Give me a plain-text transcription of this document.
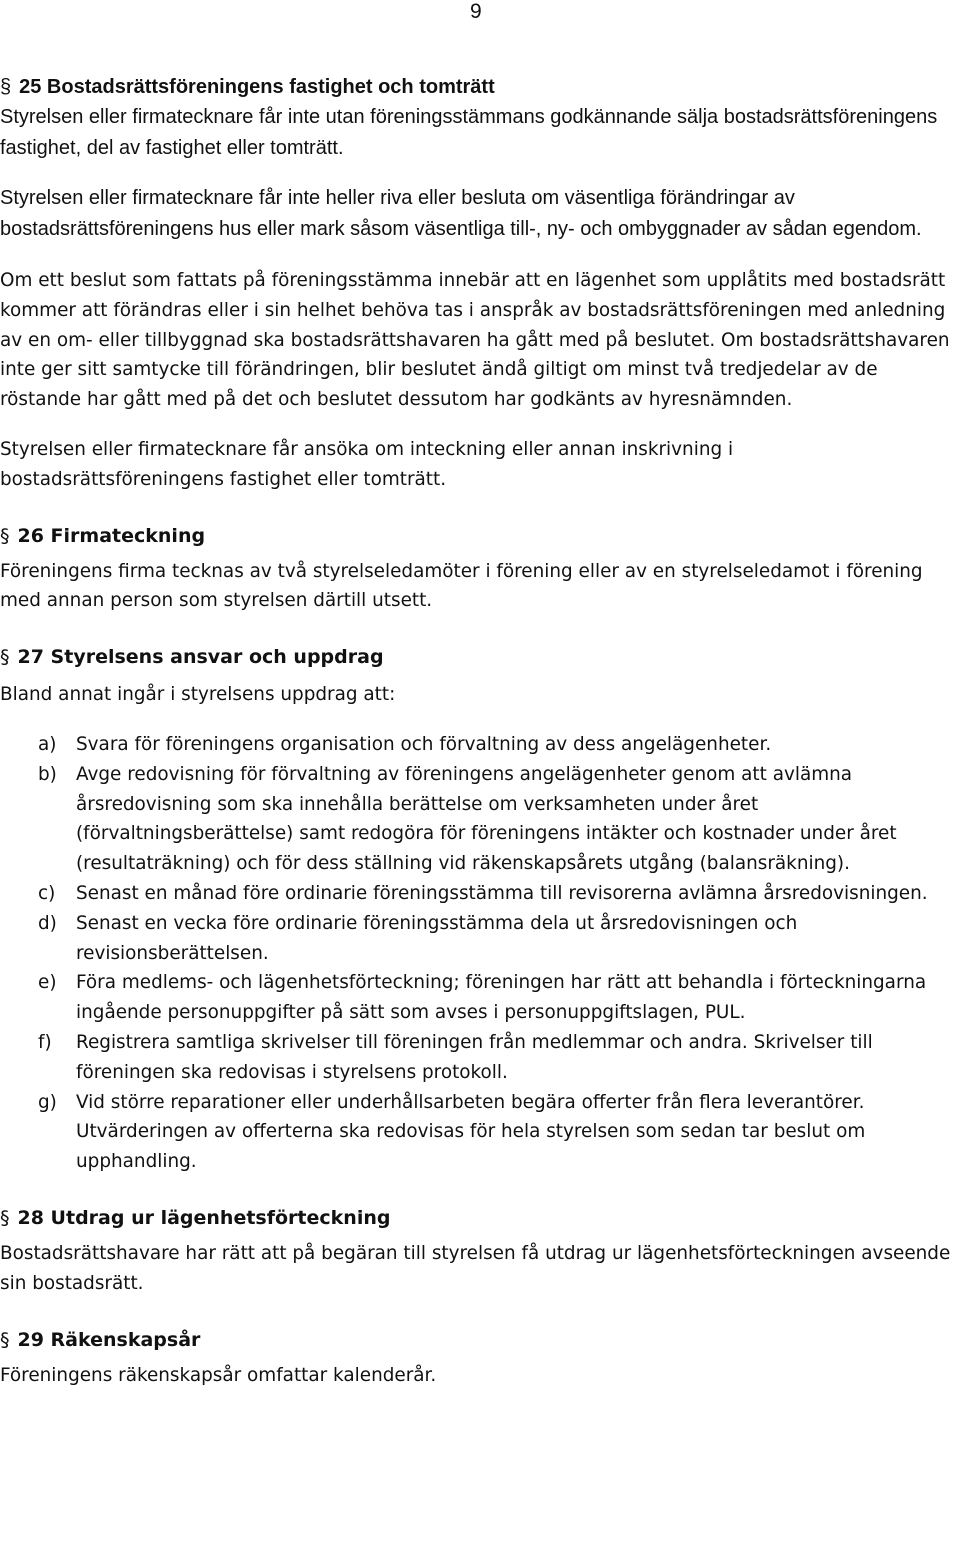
9
§ 25 Bostadsrättsföreningens fastighet och tomträtt

Styrelsen eller firmatecknare får inte utan föreningsstämmans godkännande sälja bostadsrättsföreningens fastighet, del av fastighet eller tomträtt.

Styrelsen eller firmatecknare får inte heller riva eller besluta om väsentliga förändringar av bostadsrättsföreningens hus eller mark såsom väsentliga till-, ny- och ombyggnader av sådan egendom.

Om ett beslut som fattats på föreningsstämma innebär att en lägenhet som upplåtits med bostadsrätt kommer att förändras eller i sin helhet behöva tas i anspråk av bostadsrättsföreningen med anledning av en om- eller tillbyggnad ska bostadsrättshavaren ha gått med på beslutet. Om bostadsrättshavaren inte ger sitt samtycke till förändringen, blir beslutet ändå giltigt om minst två tredjedelar av de röstande har gått med på det och beslutet dessutom har godkänts av hyresnämnden.

Styrelsen eller firmatecknare får ansöka om inteckning eller annan inskrivning i bostadsrättsföreningens fastighet eller tomträtt.

§ 26 Firmateckning

Föreningens firma tecknas av två styrelseledamöter i förening eller av en styrelseledamot i förening med annan person som styrelsen därtill utsett.

§ 27 Styrelsens ansvar och uppdrag

Bland annat ingår i styrelsens uppdrag att:

a)	Svara för föreningens organisation och förvaltning av dess angelägenheter.
b)	Avge redovisning för förvaltning av föreningens angelägenheter genom att avlämna årsredovisning som ska innehålla berättelse om verksamheten under året (förvaltningsberättelse) samt redogöra för föreningens intäkter och kostnader under året (resultaträkning) och för dess ställning vid räkenskapsårets utgång (balansräkning).
c)	Senast en månad före ordinarie föreningsstämma till revisorerna avlämna årsredovisningen.
d)	Senast en vecka före ordinarie föreningsstämma dela ut årsredovisningen och revisionsberättelsen.
e)	Föra medlems- och lägenhetsförteckning; föreningen har rätt att behandla i förteckningarna ingående personuppgifter på sätt som avses i personuppgiftslagen, PUL.
f)	Registrera samtliga skrivelser till föreningen från medlemmar och andra. Skrivelser till föreningen ska redovisas i styrelsens protokoll.
g)	Vid större reparationer eller underhållsarbeten begära offerter från flera leverantörer. Utvärderingen av offerterna ska redovisas för hela styrelsen som sedan tar beslut om upphandling.
§ 28 Utdrag ur lägenhetsförteckning

Bostadsrättshavare har rätt att på begäran till styrelsen få utdrag ur lägenhetsförteckningen avseende sin bostadsrätt.

§ 29 Räkenskapsår

Föreningens räkenskapsår omfattar kalenderår.
